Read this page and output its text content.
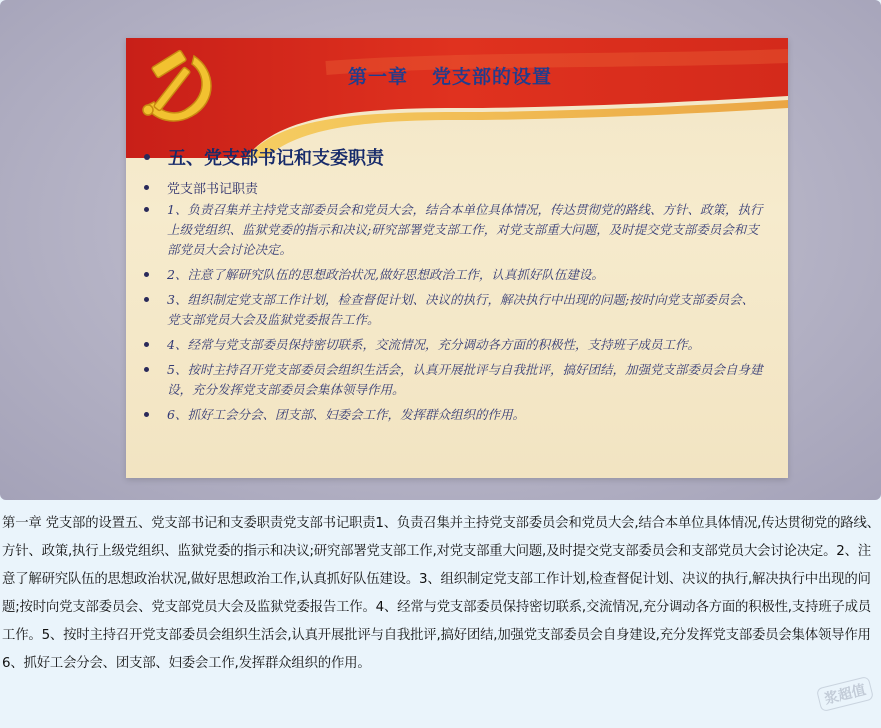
第一章 党支部的设置
五、党支部书记和支委职责
党支部书记职责
1、负责召集并主持党支部委员会和党员大会，结合本单位具体情况，传达贯彻党的路线、方针、政策，执行上级党组织、监狱党委的指示和决议;研究部署党支部工作，对党支部重大问题，及时提交党支部委员会和支部党员大会讨论决定。
2、注意了解研究队伍的思想政治状况,做好思想政治工作，认真抓好队伍建设。
3、组织制定党支部工作计划，检查督促计划、决议的执行，解决执行中出现的问题;按时向党支部委员会、党支部党员大会及监狱党委报告工作。
4、经常与党支部委员保持密切联系，交流情况，充分调动各方面的积极性，支持班子成员工作。
5、按时主持召开党支部委员会组织生活会，认真开展批评与自我批评，搞好团结，加强党支部委员会自身建设，充分发挥党支部委员会集体领导作用。
6、抓好工会分会、团支部、妇委会工作，发挥群众组织的作用。

第一章 党支部的设置五、党支部书记和支委职责党支部书记职责1、负责召集并主持党支部委员会和党员大会,结合本单位具体情况,传达贯彻党的路线、方针、政策,执行上级党组织、监狱党委的指示和决议;研究部署党支部工作,对党支部重大问题,及时提交党支部委员会和支部党员大会讨论决定。2、注意了解研究队伍的思想政治状况,做好思想政治工作,认真抓好队伍建设。3、组织制定党支部工作计划,检查督促计划、决议的执行,解决执行中出现的问题;按时向党支部委员会、党支部党员大会及监狱党委报告工作。4、经常与党支部委员保持密切联系,交流情况,充分调动各方面的积极性,支持班子成员工作。5、按时主持召开党支部委员会组织生活会,认真开展批评与自我批评,搞好团结,加强党支部委员会自身建设,充分发挥党支部委员会集体领导作用6、抓好工会分会、团支部、妇委会工作,发挥群众组织的作用。

浆超值
